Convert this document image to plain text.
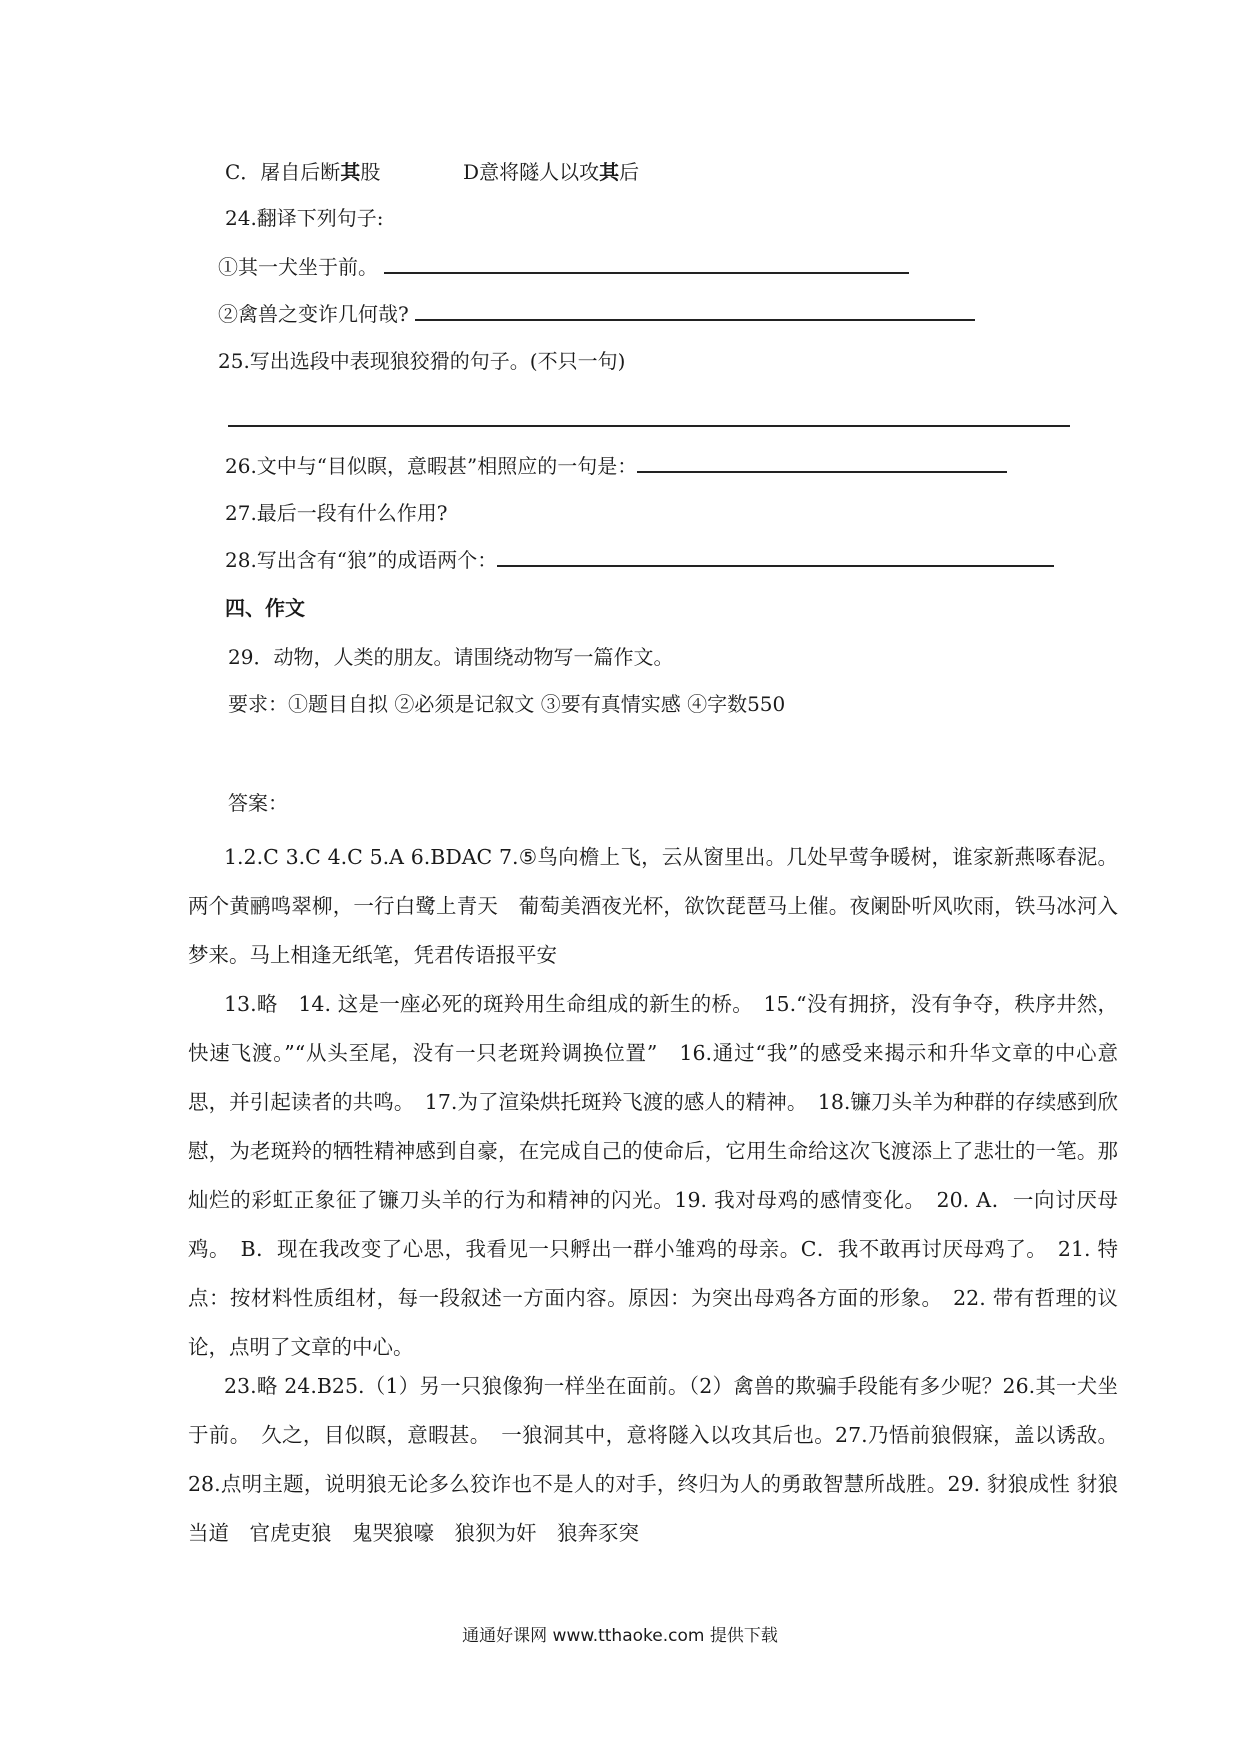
C．屠自后断其股	D意将隧人以攻其后
24.翻译下列句子:
①其一犬坐于前。
②禽兽之变诈几何哉?
25.写出选段中表现狼狡猾的句子。(不只一句)
26.文中与“目似瞑，意暇甚”相照应的一句是：
27.最后一段有什么作用?
28.写出含有“狼”的成语两个：
四、作文
29．动物，人类的朋友。请围绕动物写一篇作文。
要求：①题目自拟 ②必须是记叙文 ③要有真情实感 ④字数550
答案：
1.2.C 3.C 4.C 5.A 6.BDAC 7.⑤鸟向檐上飞，云从窗里出。几处早莺争暖树，谁家新燕啄春泥。两个黄鹂鸣翠柳，一行白鹭上青天　葡萄美酒夜光杯，欲饮琵琶马上催。夜阑卧听风吹雨，铁马冰河入梦来。马上相逢无纸笔，凭君传语报平安
13.略　14. 这是一座必死的斑羚用生命组成的新生的桥。　15.“没有拥挤，没有争夺，秩序井然，快速飞渡。”“从头至尾，没有一只老斑羚调换位置”　16.通过“我”的感受来揭示和升华文章的中心意思，并引起读者的共鸣。　17.为了渲染烘托斑羚飞渡的感人的精神。　18.镰刀头羊为种群的存续感到欣慰，为老斑羚的牺牲精神感到自豪，在完成自己的使命后，它用生命给这次飞渡添上了悲壮的一笔。那灿烂的彩虹正象征了镰刀头羊的行为和精神的闪光。19. 我对母鸡的感情变化。　20. A．一向讨厌母鸡。　B．现在我改变了心思，我看见一只孵出一群小雏鸡的母亲。C．我不敢再讨厌母鸡了。　21. 特点：按材料性质组材，每一段叙述一方面内容。原因：为突出母鸡各方面的形象。　22. 带有哲理的议论，点明了文章的中心。
23.略 24.B25.（1）另一只狼像狗一样坐在面前。（2）禽兽的欺骗手段能有多少呢？26.其一犬坐于前。　久之，目似瞑，意暇甚。　一狼洞其中，意将隧入以攻其后也。27.乃悟前狼假寐，盖以诱敌。28.点明主题，说明狼无论多么狡诈也不是人的对手，终归为人的勇敢智慧所战胜。29. 豺狼成性 豺狼当道　官虎吏狼　鬼哭狼嚎　狼狈为奸　狼奔豕突
通通好课网 www.tthaoke.com 提供下载
